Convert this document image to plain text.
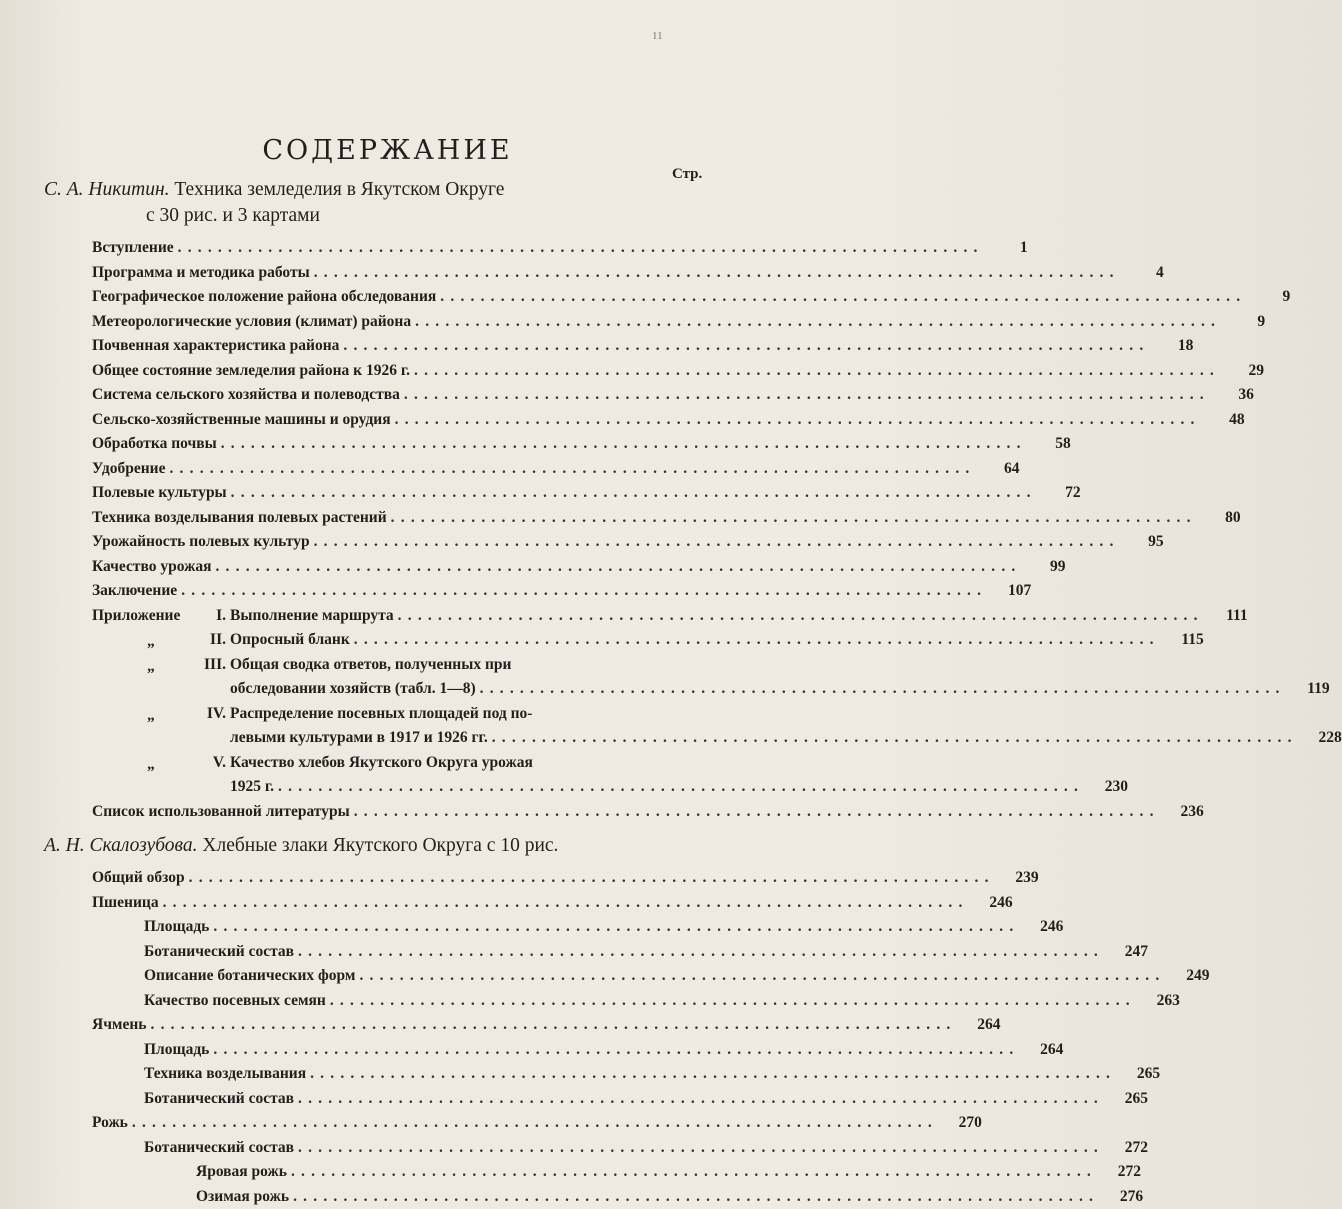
11
СОДЕРЖАНИЕ
Стр.
С. А. Никитин. Техника земледелия в Якутском Округе
с 30 рис. и 3 картами
Вступление ................................................................................	1
Программа и методика работы ................................................................................	4
Географическое положение района обследования ................................................................................	9
Метеорологические условия (климат) района ................................................................................	9
Почвенная характеристика района ................................................................................	18
Общее состояние земледелия района к 1926 г. ................................................................................	29
Система сельского хозяйства и полеводства ................................................................................	36
Сельско-хозяйственные машины и орудия ................................................................................	48
Обработка почвы ................................................................................	58
Удобрение ................................................................................	64
Полевые культуры ................................................................................	72
Техника возделывания полевых растений ................................................................................	80
Урожайность полевых культур ................................................................................	95
Качество урожая ................................................................................	99
Заключение ................................................................................	107
Приложение	I. Выполнение маршрута ................................................................................	111
„	II. Опросный бланк ................................................................................	115
„	III. Общая сводка ответов, полученных при
обследовании хозяйств (табл. 1—8) ................................................................................	119
„	IV. Распределение посевных площадей под по-
левыми культурами в 1917 и 1926 гг. ................................................................................	228
„	V. Качество хлебов Якутского Округа урожая
1925 г. ................................................................................	230
Список использованной литературы ................................................................................	236
А. Н. Скалозубова. Хлебные злаки Якутского Округа с 10 рис.
Общий обзор ................................................................................	239
Пшеница ................................................................................	246
Площадь ................................................................................	246
Ботанический состав ................................................................................	247
Описание ботанических форм ................................................................................	249
Качество посевных семян ................................................................................	263
Ячмень ................................................................................	264
Площадь ................................................................................	264
Техника возделывания ................................................................................	265
Ботанический состав ................................................................................	265
Рожь ................................................................................	270
Ботанический состав ................................................................................	272
Яровая рожь ................................................................................	272
Озимая рожь ................................................................................	276
